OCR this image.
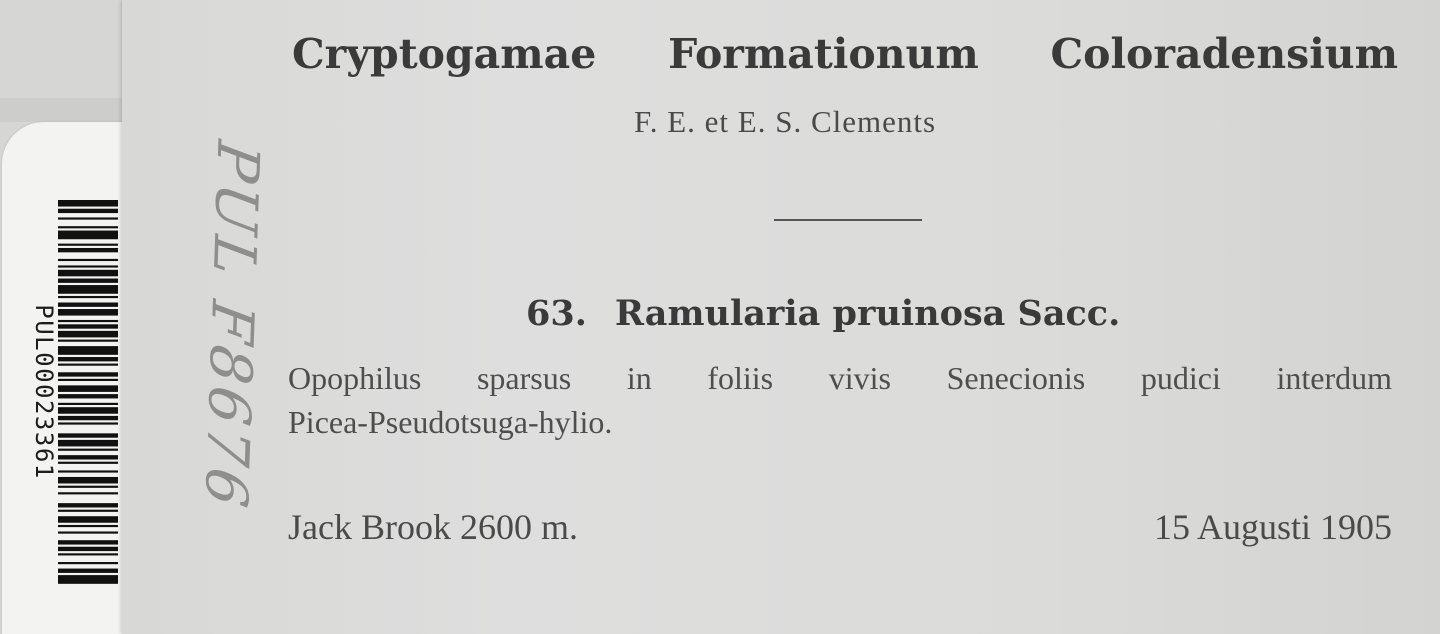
PUL00023361 PUL F8676
Cryptogamae Formationum Coloradensium

F. E. et E. S. Clements

63. Ramularia pruinosa Sacc.

Opophilus sparsus in foliis vivis Senecionis pudici interdum

Picea-Pseudotsuga-hylio.

Jack Brook 2600 m.	15 Augusti 1905
